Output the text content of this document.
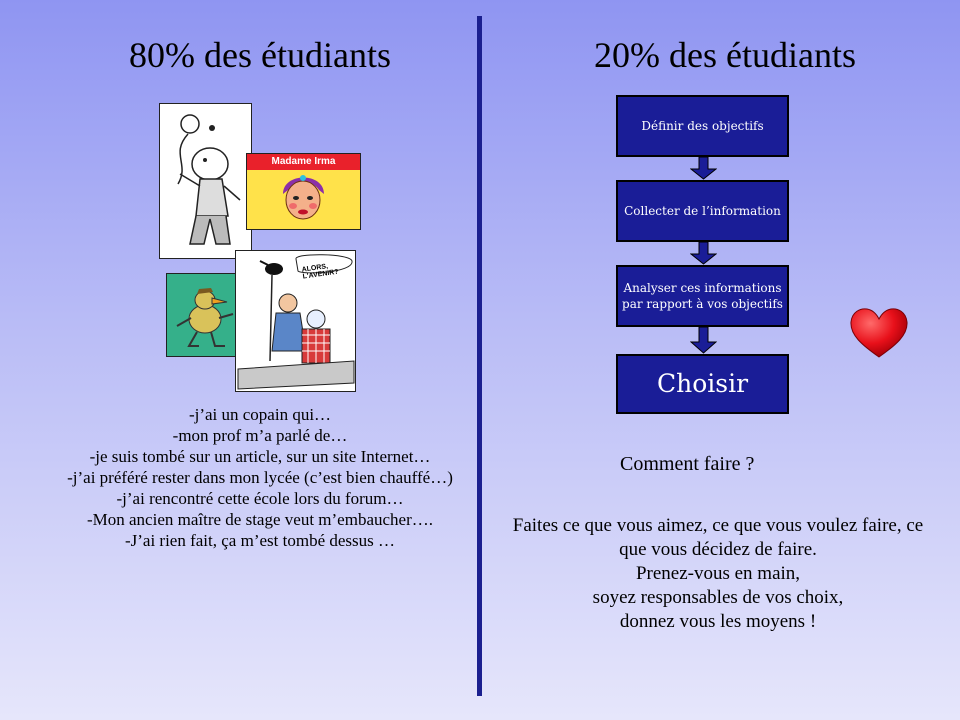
80% des étudiants	20% des étudiants
Madame Irma
ALORS, L'AVENIR?
-j’ai un copain qui…
-mon prof m’a parlé de…
-je suis tombé sur un article, sur un site Internet…
-j’ai préféré rester dans mon lycée (c’est bien chauffé…)
-j’ai rencontré cette école lors du forum…
-Mon ancien maître de stage veut m’embaucher….
-J’ai rien fait, ça m’est tombé dessus …
Définir des objectifs
Collecter de l’information
Analyser ces informations
par rapport à vos objectifs
Choisir
Comment faire ?
Faites ce que vous aimez, ce que vous voulez faire, ce que vous décidez de faire.
Prenez-vous en main,
soyez responsables de vos choix,
donnez vous les moyens !
